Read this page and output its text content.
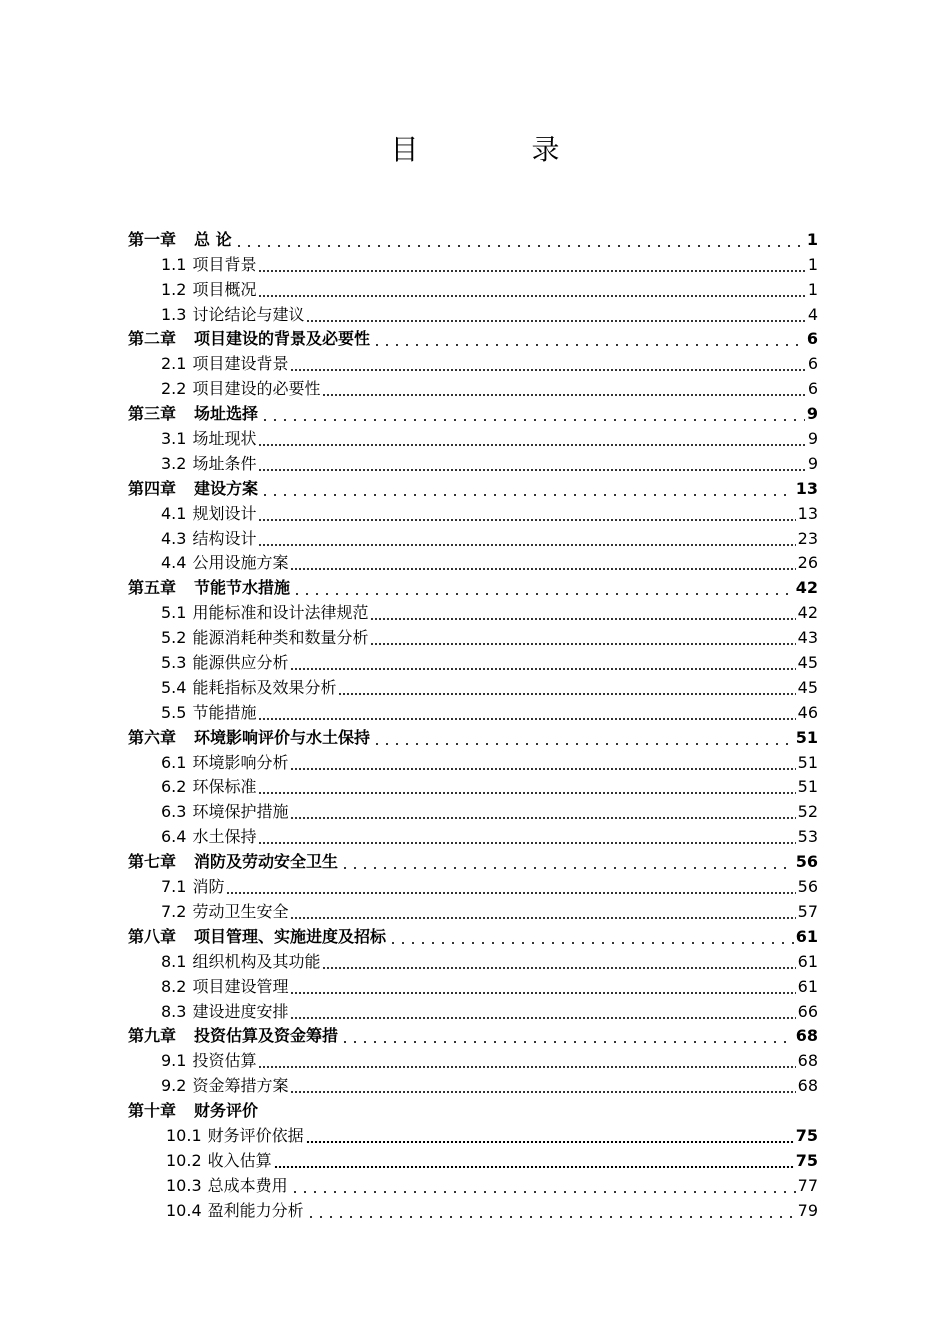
目 录
第一章 总 论	1
1.1 项目背景	1
1.2 项目概况	1
1.3 讨论结论与建议	4
第二章 项目建设的背景及必要性	6
2.1 项目建设背景	6
2.2 项目建设的必要性	6
第三章 场址选择	9
3.1 场址现状	9
3.2 场址条件	9
第四章 建设方案	13
4.1 规划设计	13
4.3 结构设计	23
4.4 公用设施方案	26
第五章 节能节水措施	42
5.1 用能标准和设计法律规范	42
5.2 能源消耗种类和数量分析	43
5.3 能源供应分析	45
5.4 能耗指标及效果分析	45
5.5 节能措施	46
第六章 环境影响评价与水土保持	51
6.1 环境影响分析	51
6.2 环保标准	51
6.3 环境保护措施	52
6.4 水土保持	53
第七章 消防及劳动安全卫生	56
7.1 消防	56
7.2 劳动卫生安全	57
第八章 项目管理、实施进度及招标	61
8.1 组织机构及其功能	61
8.2 项目建设管理	61
8.3 建设进度安排	66
第九章 投资估算及资金筹措	68
9.1 投资估算	68
9.2 资金筹措方案	68
第十章 财务评价
10.1 财务评价依据	75
10.2 收入估算	75
10.3 总成本费用	77
10.4 盈利能力分析	79
